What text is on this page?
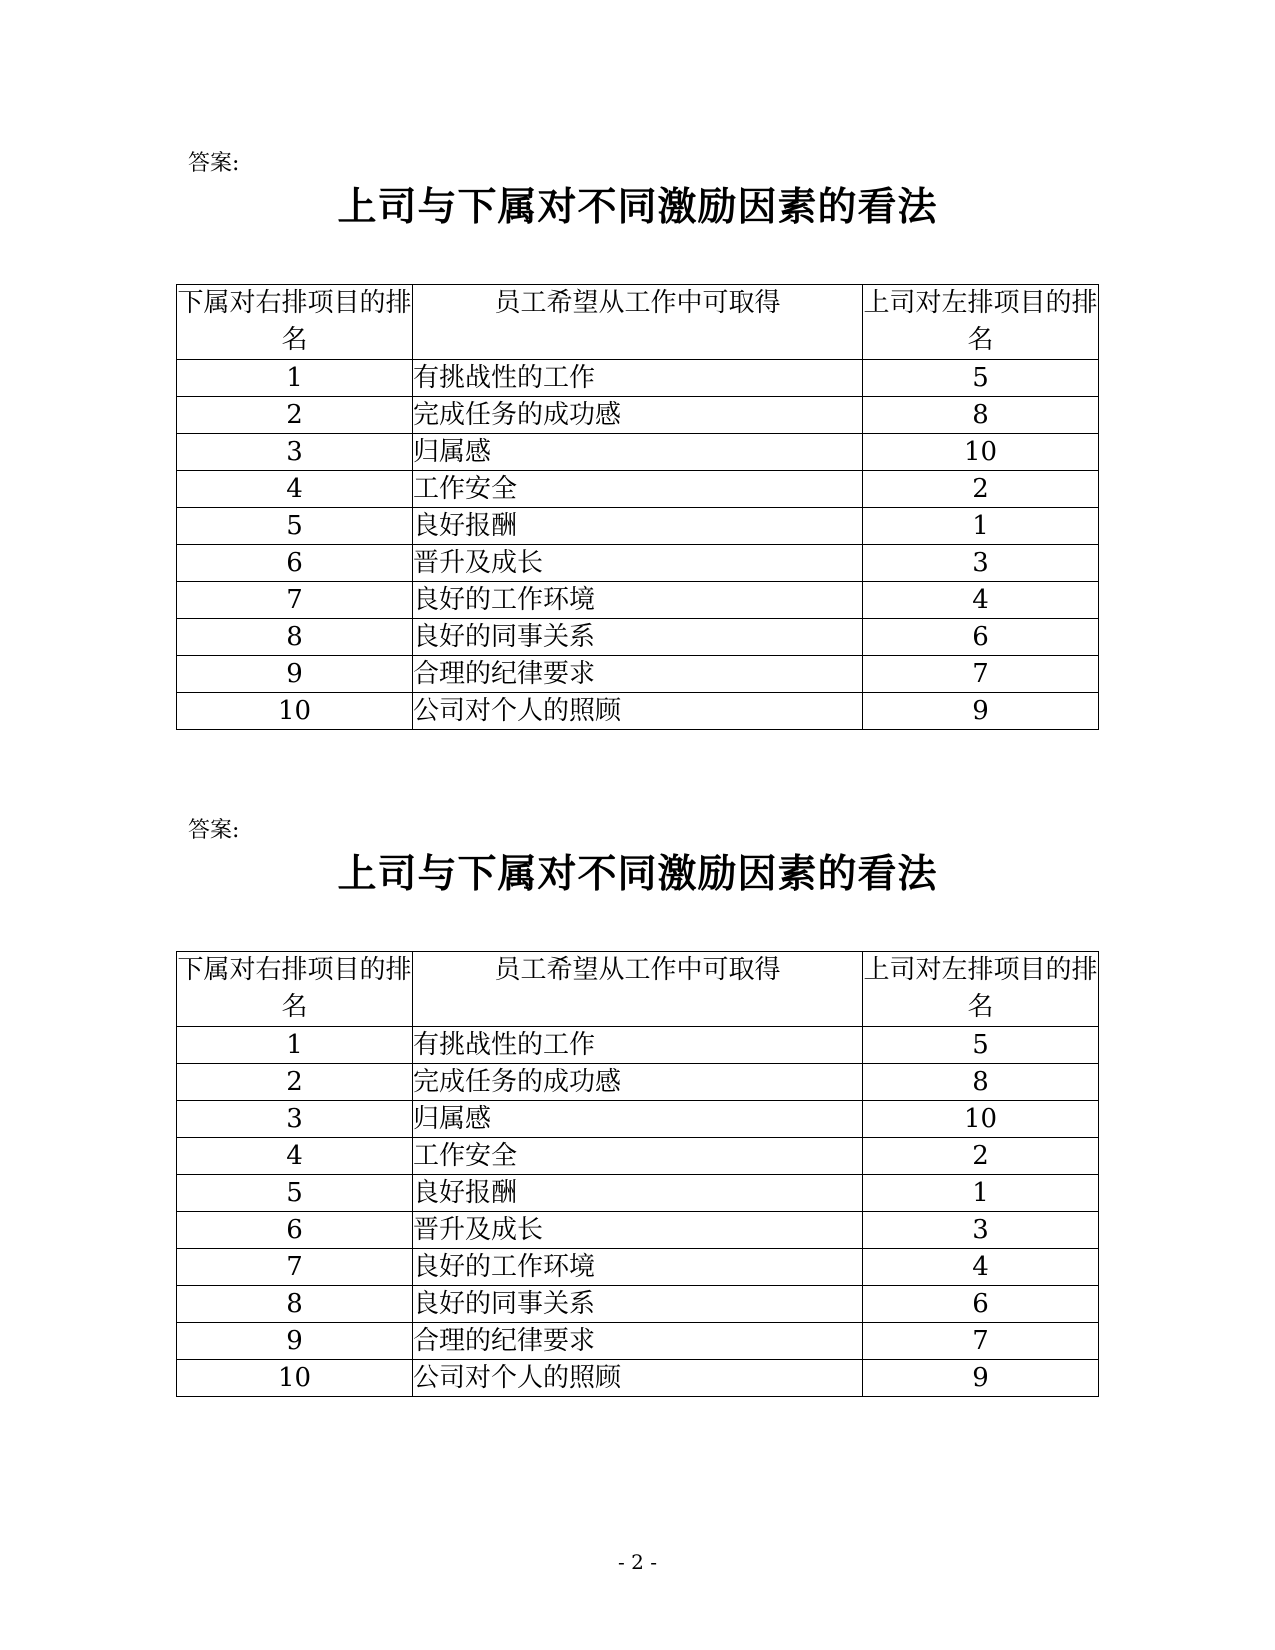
答案:
上司与下属对不同激励因素的看法
下属对右排项目的排名	员工希望从工作中可取得	上司对左排项目的排名
1	有挑战性的工作	5
2	完成任务的成功感	8
3	归属感	10
4	工作安全	2
5	良好报酬	1
6	晋升及成长	3
7	良好的工作环境	4
8	良好的同事关系	6
9	合理的纪律要求	7
10	公司对个人的照顾	9
答案:
上司与下属对不同激励因素的看法
下属对右排项目的排名	员工希望从工作中可取得	上司对左排项目的排名
1	有挑战性的工作	5
2	完成任务的成功感	8
3	归属感	10
4	工作安全	2
5	良好报酬	1
6	晋升及成长	3
7	良好的工作环境	4
8	良好的同事关系	6
9	合理的纪律要求	7
10	公司对个人的照顾	9
- 2 -
